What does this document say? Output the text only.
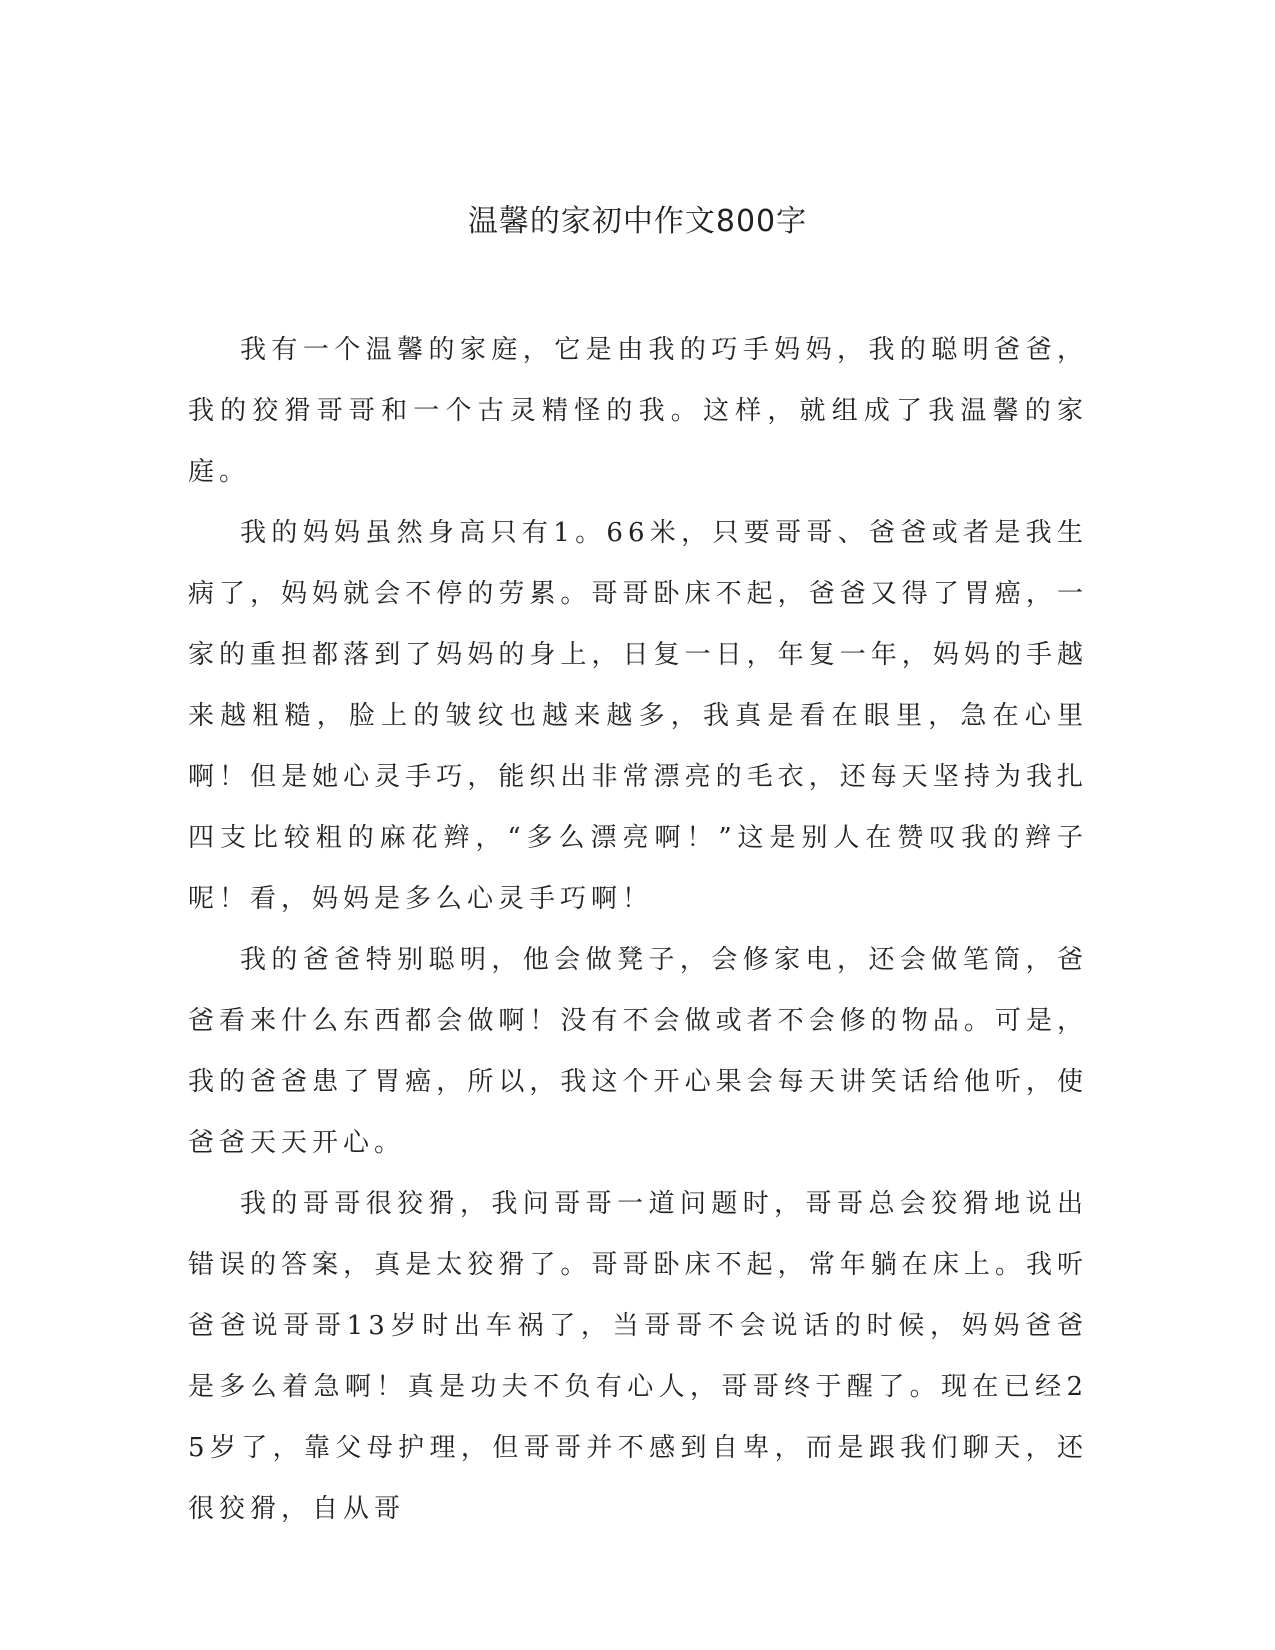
温馨的家初中作文800字

我有一个温馨的家庭，它是由我的巧手妈妈，我的聪明爸爸，我的狡猾哥哥和一个古灵精怪的我。这样，就组成了我温馨的家庭。

我的妈妈虽然身高只有1。66米，只要哥哥、爸爸或者是我生病了，妈妈就会不停的劳累。哥哥卧床不起，爸爸又得了胃癌，一家的重担都落到了妈妈的身上，日复一日，年复一年，妈妈的手越来越粗糙，脸上的皱纹也越来越多，我真是看在眼里，急在心里啊！但是她心灵手巧，能织出非常漂亮的毛衣，还每天坚持为我扎四支比较粗的麻花辫，“多么漂亮啊！”这是别人在赞叹我的辫子呢！看，妈妈是多么心灵手巧啊！

我的爸爸特别聪明，他会做凳子，会修家电，还会做笔筒，爸爸看来什么东西都会做啊！没有不会做或者不会修的物品。可是，我的爸爸患了胃癌，所以，我这个开心果会每天讲笑话给他听，使爸爸天天开心。

我的哥哥很狡猾，我问哥哥一道问题时，哥哥总会狡猾地说出错误的答案，真是太狡猾了。哥哥卧床不起，常年躺在床上。我听爸爸说哥哥13岁时出车祸了，当哥哥不会说话的时候，妈妈爸爸是多么着急啊！真是功夫不负有心人，哥哥终于醒了。现在已经25岁了，靠父母护理，但哥哥并不感到自卑，而是跟我们聊天，还很狡猾，自从哥
